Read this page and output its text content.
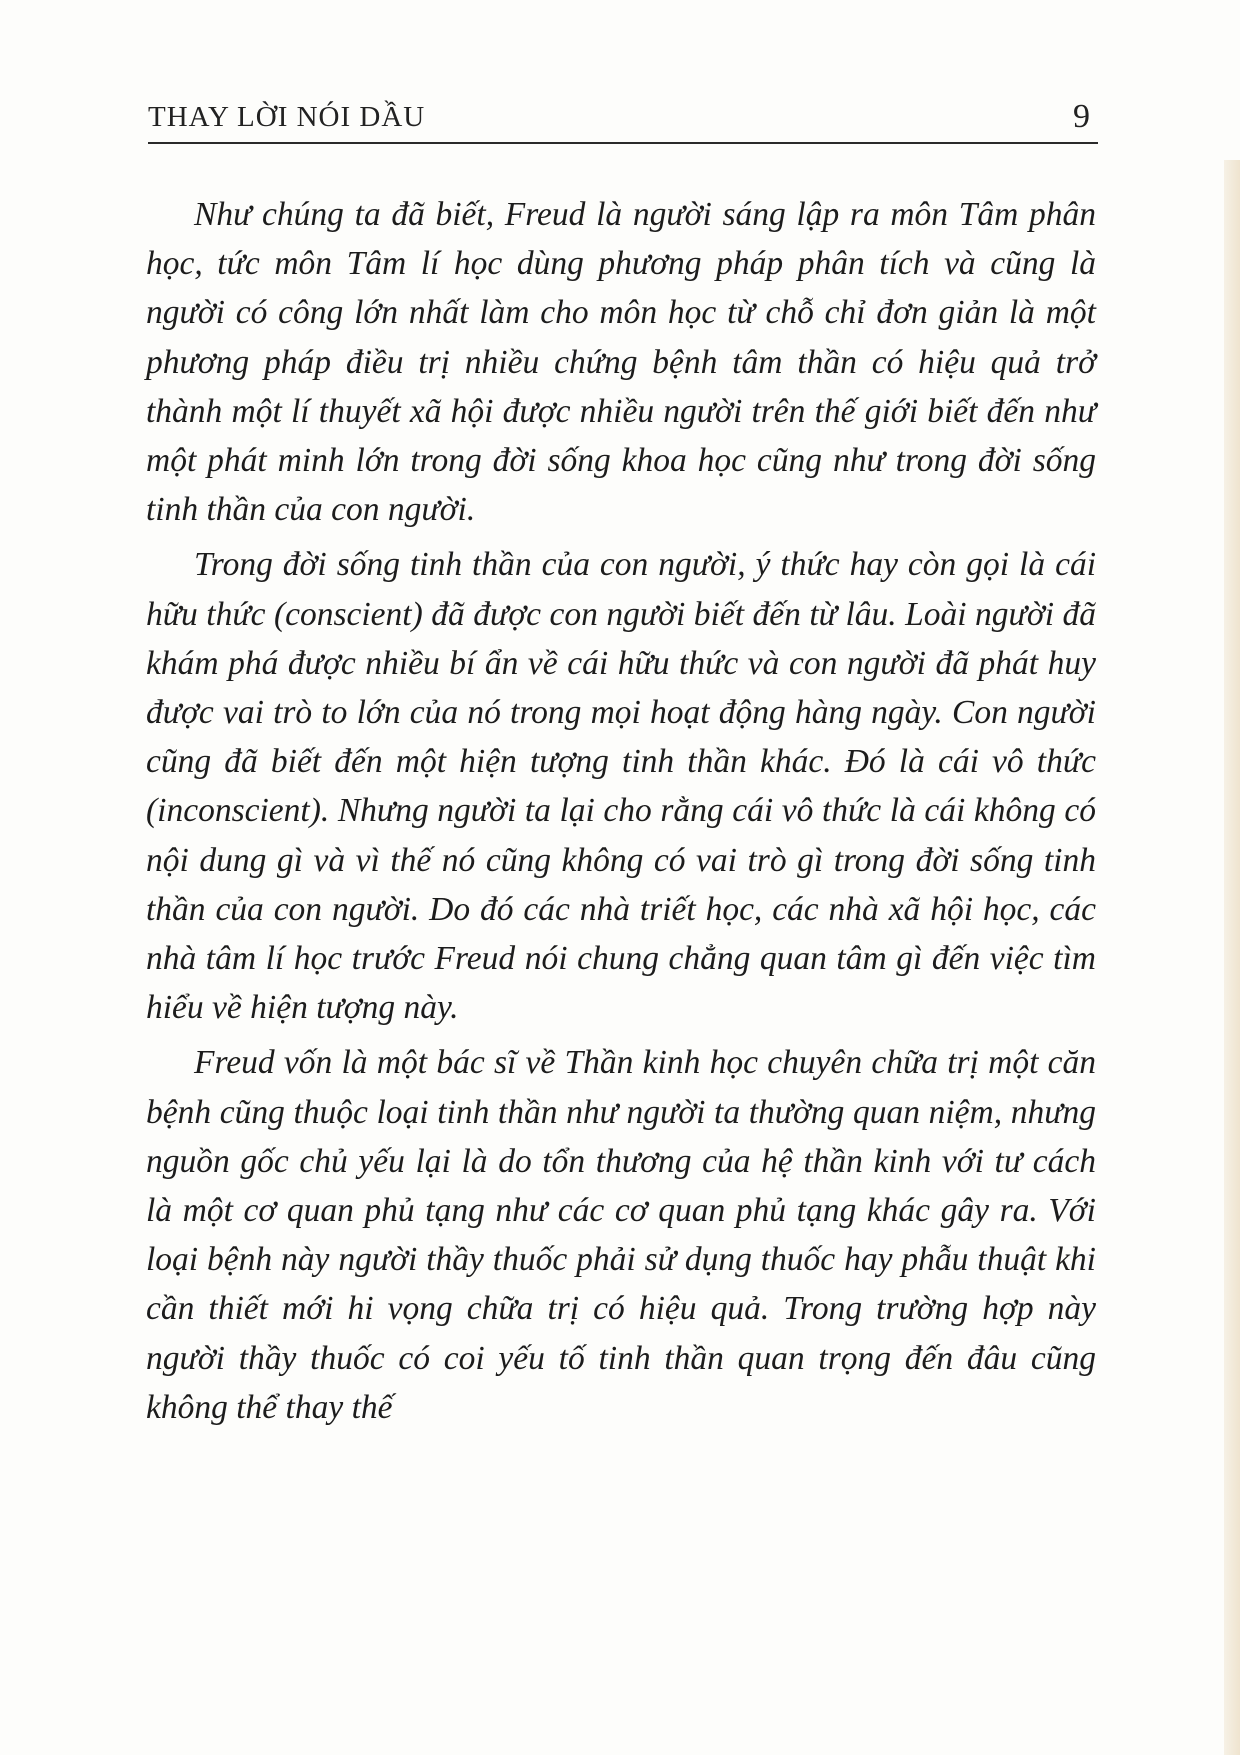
THAY LỜI NÓI DẦU	9

Như chúng ta đã biết, Freud là người sáng lập ra môn Tâm phân học, tức môn Tâm lí học dùng phương pháp phân tích và cũng là người có công lớn nhất làm cho môn học từ chỗ chỉ đơn giản là một phương pháp điều trị nhiều chứng bệnh tâm thần có hiệu quả trở thành một lí thuyết xã hội được nhiều người trên thế giới biết đến như một phát minh lớn trong đời sống khoa học cũng như trong đời sống tinh thần của con người.

Trong đời sống tinh thần của con người, ý thức hay còn gọi là cái hữu thức (conscient) đã được con người biết đến từ lâu. Loài người đã khám phá được nhiều bí ẩn về cái hữu thức và con người đã phát huy được vai trò to lớn của nó trong mọi hoạt động hàng ngày. Con người cũng đã biết đến một hiện tượng tinh thần khác. Đó là cái vô thức (inconscient). Nhưng người ta lại cho rằng cái vô thức là cái không có nội dung gì và vì thế nó cũng không có vai trò gì trong đời sống tinh thần của con người. Do đó các nhà triết học, các nhà xã hội học, các nhà tâm lí học trước Freud nói chung chẳng quan tâm gì đến việc tìm hiểu về hiện tượng này.

Freud vốn là một bác sĩ về Thần kinh học chuyên chữa trị một căn bệnh cũng thuộc loại tinh thần như người ta thường quan niệm, nhưng nguồn gốc chủ yếu lại là do tổn thương của hệ thần kinh với tư cách là một cơ quan phủ tạng như các cơ quan phủ tạng khác gây ra. Với loại bệnh này người thầy thuốc phải sử dụng thuốc hay phẫu thuật khi cần thiết mới hi vọng chữa trị có hiệu quả. Trong trường hợp này người thầy thuốc có coi yếu tố tinh thần quan trọng đến đâu cũng không thể thay thế
